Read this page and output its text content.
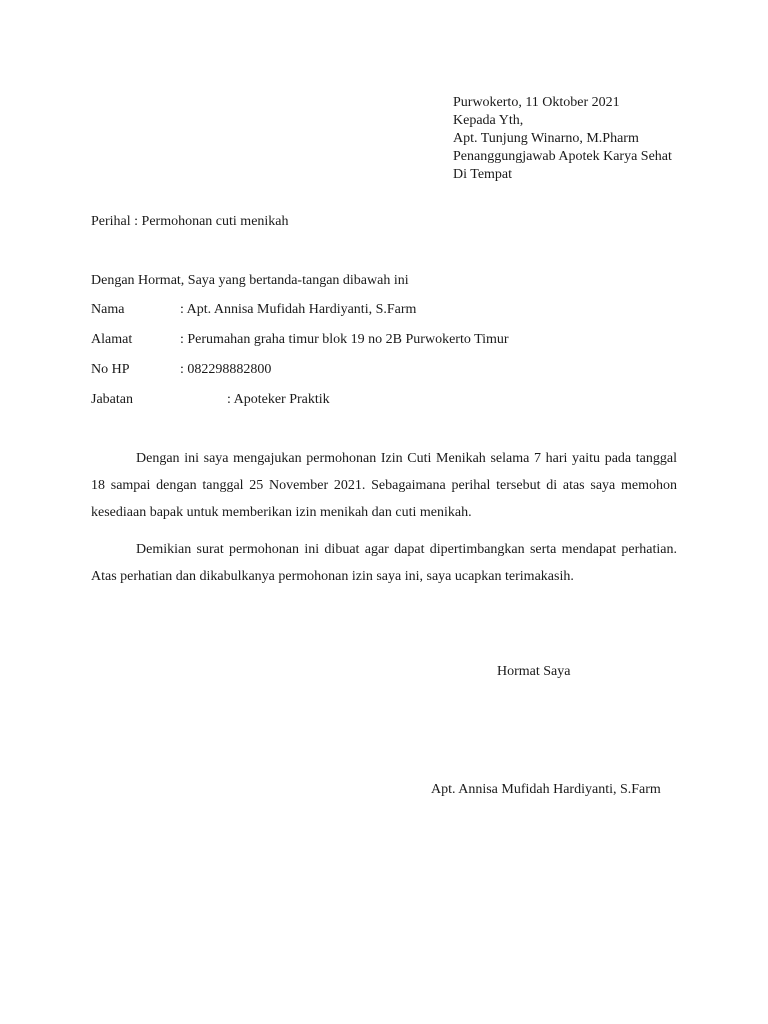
Purwokerto, 11 Oktober 2021
Kepada Yth,
Apt. Tunjung Winarno, M.Pharm
Penanggungjawab Apotek Karya Sehat
Di Tempat
Perihal : Permohonan cuti menikah
Dengan Hormat, Saya yang bertanda-tangan dibawah ini
Nama	: Apt. Annisa Mufidah Hardiyanti, S.Farm
Alamat	: Perumahan graha timur blok 19 no 2B Purwokerto Timur
No HP	: 082298882800
Jabatan	: Apoteker Praktik

Dengan ini saya mengajukan permohonan Izin Cuti Menikah selama 7 hari yaitu pada tanggal 18 sampai dengan tanggal 25 November 2021. Sebagaimana perihal tersebut di atas saya memohon kesediaan bapak untuk memberikan izin menikah dan cuti menikah.

Demikian surat permohonan ini dibuat agar dapat dipertimbangkan serta mendapat perhatian. Atas perhatian dan dikabulkanya permohonan izin saya ini, saya ucapkan terimakasih.

Hormat Saya
Apt. Annisa Mufidah Hardiyanti, S.Farm
